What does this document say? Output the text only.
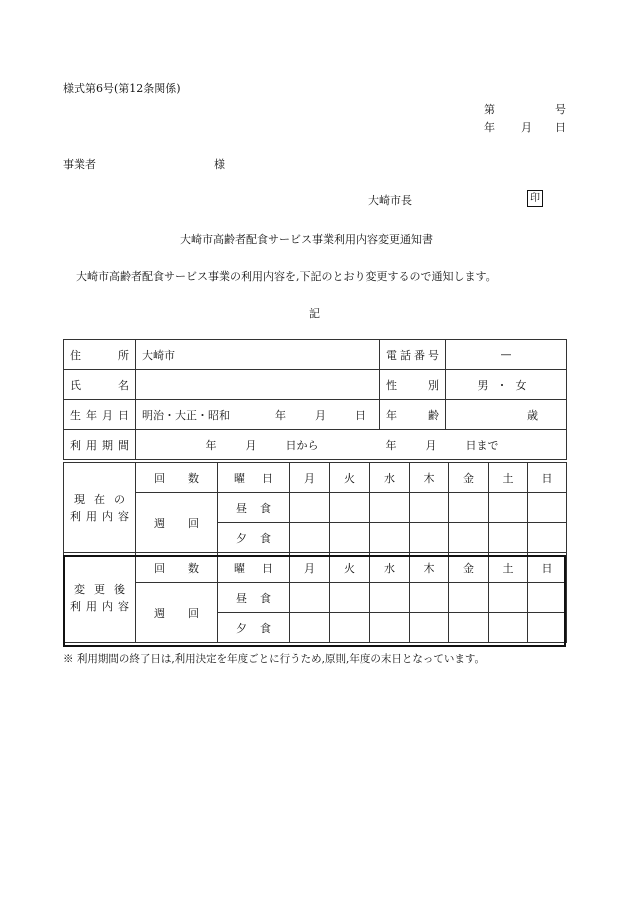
様式第6号(第12条関係)
第	号
年 月 日
事業者	様
大崎市長	印
大崎市高齢者配食サービス事業利用内容変更通知書
大崎市高齢者配食サービス事業の利用内容を,下記のとおり変更するので通知します。
記
住所	大崎市	電話番号	—

氏名		性別	男・女

生年月日	明治・大正・昭和 年 月 日	年齢	歳

利用期間	年 月 日から 年 月 日まで		
現在の
利用内容	回数	曜日	月	火	水	木	金	土	日

	週回	昼食							

		夕食							

変更後
利用内容	回数	曜日	月	火	水	木	金	土	日

	週回	昼食							

		夕食							

※ 利用期間の終了日は,利用決定を年度ごとに行うため,原則,年度の末日となっています。
